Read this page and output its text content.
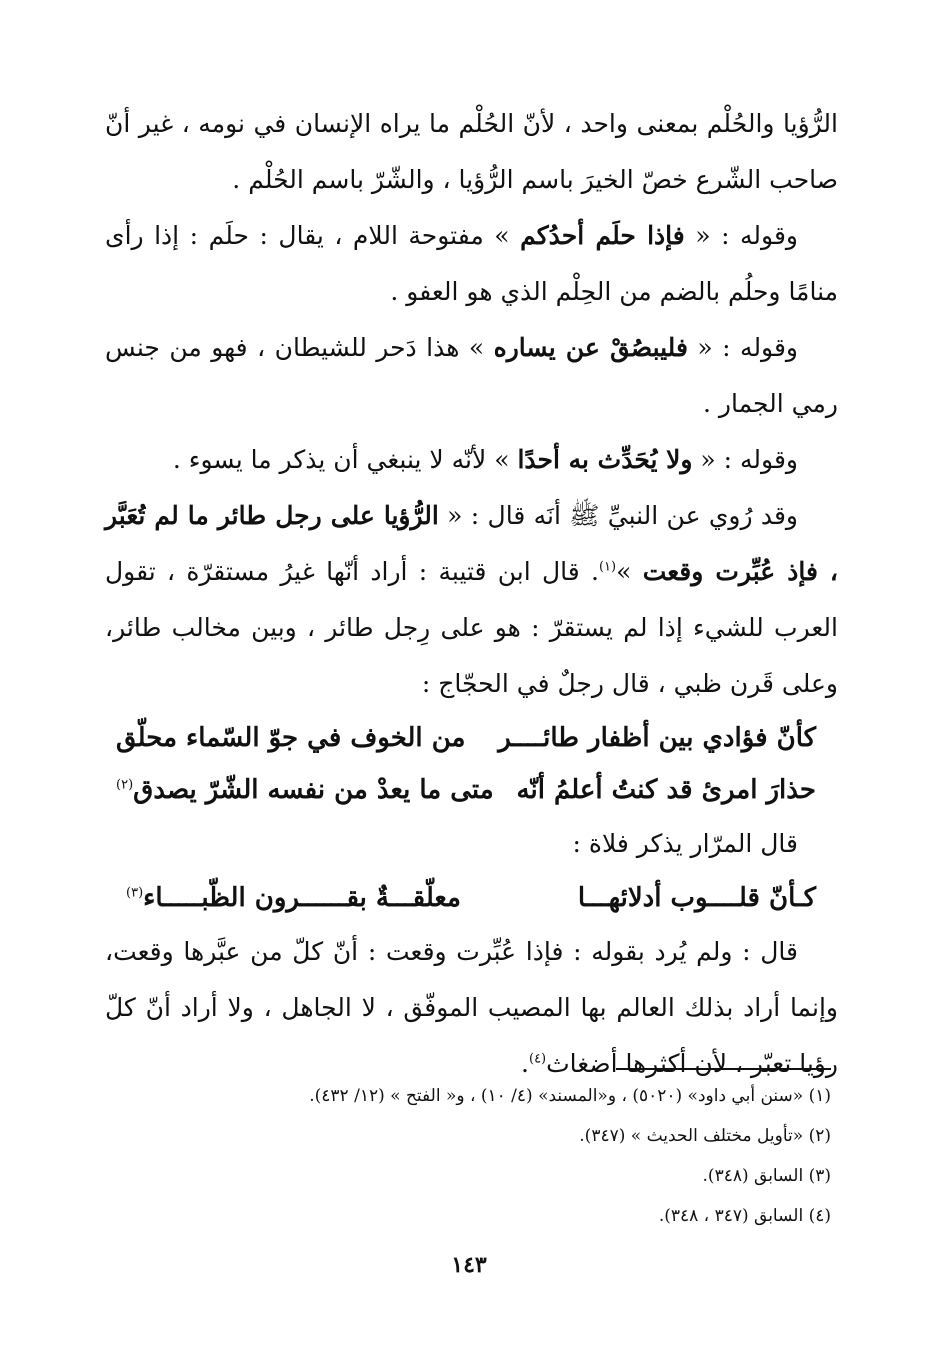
الرُّؤيا والحُلْم بمعنى واحد ، لأنّ الحُلْم ما يراه الإنسان في نومه ، غير أنّ صاحب الشّرع خصّ الخيرَ باسم الرُّؤيا ، والشّرّ باسم الحُلْم .

وقوله : « فإذا حلَم أحدُكم » مفتوحة اللام ، يقال : حلَم : إذا رأى منامًا وحلُم بالضم من الحِلْم الذي هو العفو .

وقوله : « فليبصُقْ عن يساره » هذا دَحر للشيطان ، فهو من جنس رمي الجمار .

وقوله : « ولا يُحَدِّث به أحدًا » لأنّه لا ينبغي أن يذكر ما يسوء .

وقد رُوي عن النبيِّ ﷺ أنَه قال : « الرُّؤيا على رجل طائر ما لم تُعَبَّر ، فإذ عُبِّرت وقعت »$^{(١)}$. قال ابن قتيبة : أراد أنّها غيرُ مستقرّة ، تقول العرب للشيء إذا لم يستقرّ : هو على رِجل طائر ، وبين مخالب طائر، وعلى قَرن ظبي ، قال رجلٌ في الحجّاج :

كأنّ فؤادي بين أظفار طائــــر
من الخوف في جوّ السّماء محلّق
حذارَ امرئ قد كنتُ أعلمُ أنّه
متى ما يعدْ من نفسه الشّرّ يصدق$^{(٢)}$

قال المرّار يذكر فلاة :

كـأنّ قلــــوب أدلائهـــا
معلّقـــةٌ بقــــــرون الظّبـــــاء$^{(٣)}$

قال : ولم يُرد بقوله : فإذا عُبِّرت وقعت : أنّ كلّ من عبَّرها وقعت، وإنما أراد بذلك العالم بها المصيب الموفّق ، لا الجاهل ، ولا أراد أنّ كلّ رؤيا تعبّر ، لأن أكثرها أضغاث$^{(٤)}$.

(١) «سنن أبي داود» (٥٠٢٠) ، و«المسند» (٤/ ١٠) ، و« الفتح » (١٢/ ٤٣٢).

(٢) «تأويل مختلف الحديث » (٣٤٧).

(٣) السابق (٣٤٨).

(٤) السابق (٣٤٧ ، ٣٤٨).

١٤٣
